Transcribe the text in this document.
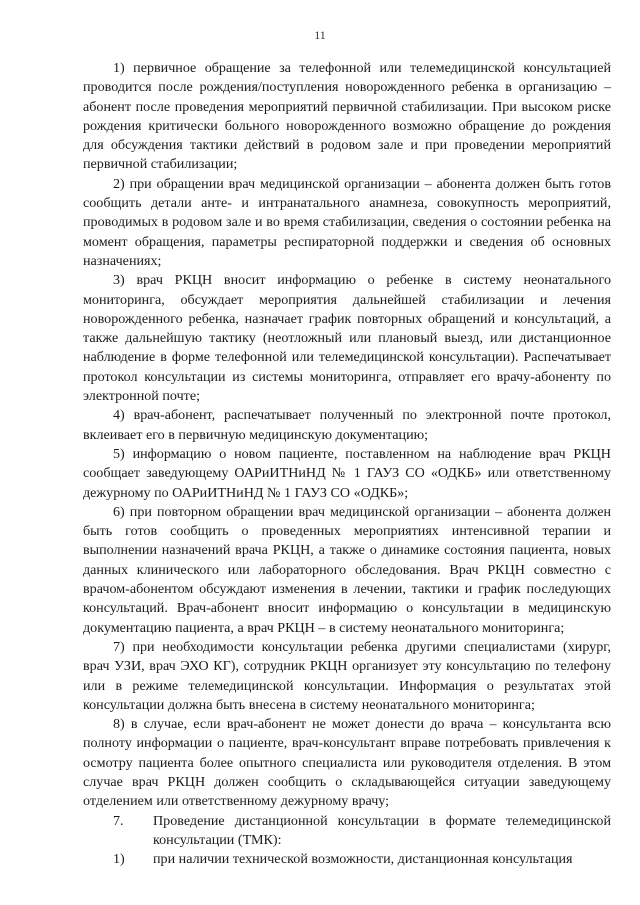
11

1) первичное обращение за телефонной или телемедицинской консультацией проводится после рождения/поступления новорожденного ребенка в организацию – абонент после проведения мероприятий первичной стабилизации. При высоком риске рождения критически больного новорожденного возможно обращение до рождения для обсуждения тактики действий в родовом зале и при проведении мероприятий первичной стабилизации;

2) при обращении врач медицинской организации – абонента должен быть готов сообщить детали анте- и интранатального анамнеза, совокупность мероприятий, проводимых в родовом зале и во время стабилизации, сведения о состоянии ребенка на момент обращения, параметры респираторной поддержки и сведения об основных назначениях;

3) врач РКЦН вносит информацию о ребенке в систему неонатального мониторинга, обсуждает мероприятия дальнейшей стабилизации и лечения новорожденного ребенка, назначает график повторных обращений и консультаций, а также дальнейшую тактику (неотложный или плановый выезд, или дистанционное наблюдение в форме телефонной или телемедицинской консультации). Распечатывает протокол консультации из системы мониторинга, отправляет его врачу-абоненту по электронной почте;

4) врач-абонент, распечатывает полученный по электронной почте протокол, вклеивает его в первичную медицинскую документацию;

5) информацию о новом пациенте, поставленном на наблюдение врач РКЦН сообщает заведующему ОАРиИТНиНД № 1 ГАУЗ СО «ОДКБ» или ответственному дежурному по ОАРиИТНиНД № 1 ГАУЗ СО «ОДКБ»;

6) при повторном обращении врач медицинской организации – абонента должен быть готов сообщить о проведенных мероприятиях интенсивной терапии и выполнении назначений врача РКЦН, а также о динамике состояния пациента, новых данных клинического или лабораторного обследования. Врач РКЦН совместно с врачом-абонентом обсуждают изменения в лечении, тактики и график последующих консультаций. Врач-абонент вносит информацию о консультации в медицинскую документацию пациента, а врач РКЦН – в систему неонатального мониторинга;

7) при необходимости консультации ребенка другими специалистами (хирург, врач УЗИ, врач ЭХО КГ), сотрудник РКЦН организует эту консультацию по телефону или в режиме телемедицинской консультации. Информация о результатах этой консультации должна быть внесена в систему неонатального мониторинга;

8) в случае, если врач-абонент не может донести до врача – консультанта всю полноту информации о пациенте, врач-консультант вправе потребовать привлечения к осмотру пациента более опытного специалиста или руководителя отделения. В этом случае врач РКЦН должен сообщить о складывающейся ситуации заведующему отделением или ответственному дежурному врачу;

7.	Проведение дистанционной консультации в формате телемедицинской консультации (ТМК):
1)	при наличии технической возможности, дистанционная консультация
